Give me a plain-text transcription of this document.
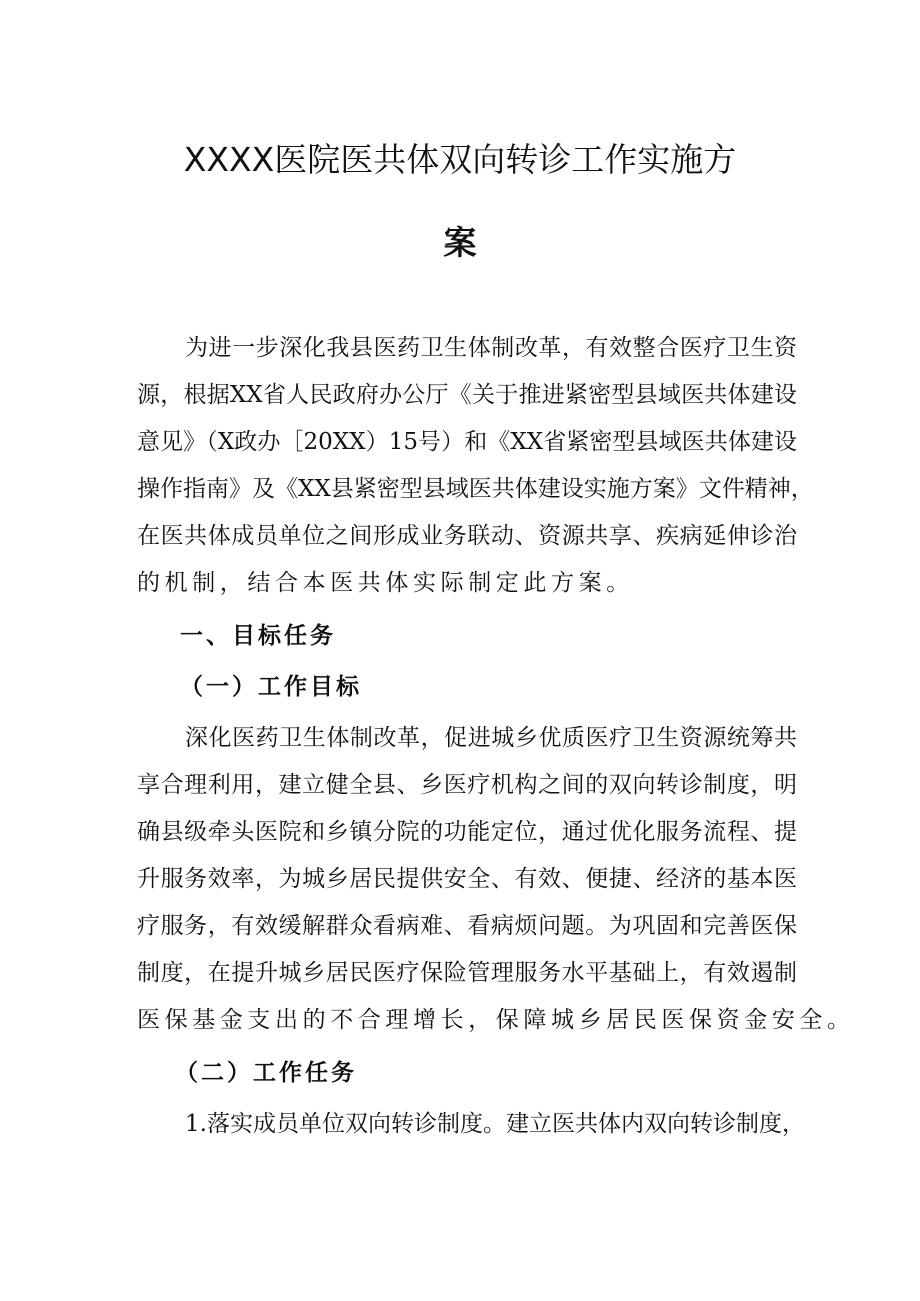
XXXX医院医共体双向转诊工作实施方
案
为进一步深化我县医药卫生体制改革，有效整合医疗卫生资
源，根据XX省人民政府办公厅《关于推进紧密型县域医共体建设
意见》（X政办［20XX）15号）和《XX省紧密型县域医共体建设
操作指南》及《XX县紧密型县域医共体建设实施方案》文件精神，
在医共体成员单位之间形成业务联动、资源共享、疾病延伸诊治
的机制，结合本医共体实际制定此方案。
一、目标任务
（一）工作目标
深化医药卫生体制改革，促进城乡优质医疗卫生资源统筹共
享合理利用，建立健全县、乡医疗机构之间的双向转诊制度，明
确县级牵头医院和乡镇分院的功能定位，通过优化服务流程、提
升服务效率，为城乡居民提供安全、有效、便捷、经济的基本医
疗服务，有效缓解群众看病难、看病烦问题。为巩固和完善医保
制度，在提升城乡居民医疗保险管理服务水平基础上，有效遏制
医保基金支出的不合理增长，保障城乡居民医保资金安全。
（二）工作任务
1.落实成员单位双向转诊制度。建立医共体内双向转诊制度，
